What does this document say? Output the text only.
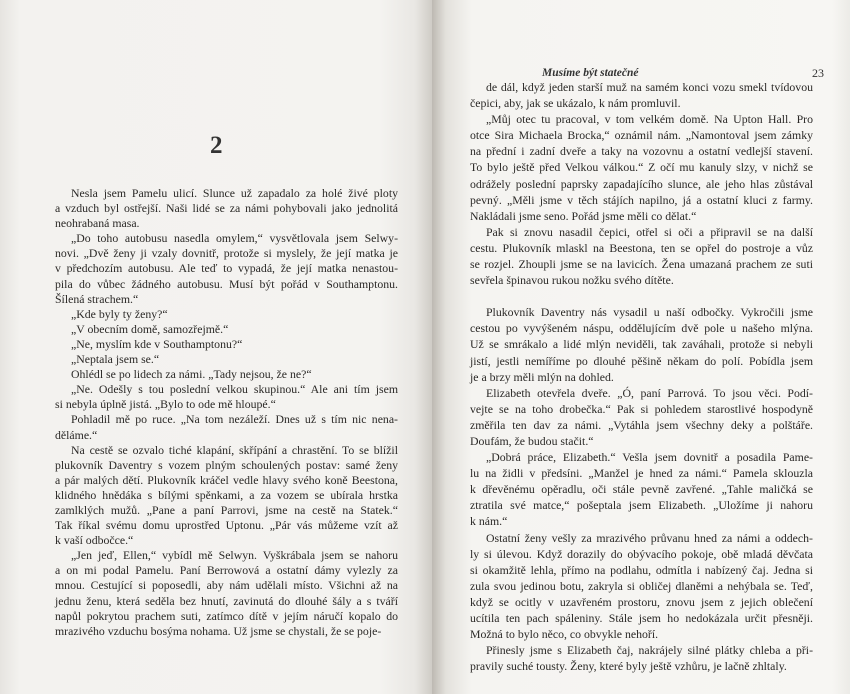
2
Nesla jsem Pamelu ulicí. Slunce už zapadalo za holé živé ploty
a vzduch byl ostřejší. Naši lidé se za námi pohybovali jako jednolitá
neohrabaná masa.
„Do toho autobusu nasedla omylem,“ vysvětlovala jsem Selwy-
novi. „Dvě ženy ji vzaly dovnitř, protože si myslely, že její matka je
v předchozím autobusu. Ale teď to vypadá, že její matka nenastou-
pila do vůbec žádného autobusu. Musí být pořád v Southamptonu.
Šílená strachem.“
„Kde byly ty ženy?“
„V obecním domě, samozřejmě.“
„Ne, myslím kde v Southamptonu?“
„Neptala jsem se.“
Ohlédl se po lidech za námi. „Tady nejsou, že ne?“
„Ne. Odešly s tou poslední velkou skupinou.“ Ale ani tím jsem
si nebyla úplně jistá. „Bylo to ode mě hloupé.“
Pohladil mě po ruce. „Na tom nezáleží. Dnes už s tím nic nena-
děláme.“
Na cestě se ozvalo tiché klapání, skřípání a chrastění. To se blížil
plukovník Daventry s vozem plným schoulených postav: samé ženy
a pár malých dětí. Plukovník kráčel vedle hlavy svého koně Beestona,
klidného hnědáka s bílými spěnkami, a za vozem se ubírala hrstka
zamlklých mužů. „Pane a paní Parrovi, jsme na cestě na Statek.“
Tak říkal svému domu uprostřed Uptonu. „Pár vás můžeme vzít až
k vaší odbočce.“
„Jen jeď, Ellen,“ vybídl mě Selwyn. Vyškrábala jsem se nahoru
a on mi podal Pamelu. Paní Berrowová a ostatní dámy vylezly za
mnou. Cestující si poposedli, aby nám udělali místo. Všichni až na
jednu ženu, která seděla bez hnutí, zavinutá do dlouhé šály a s tváří
napůl pokrytou prachem suti, zatímco dítě v jejím náručí kopalo do
mrazivého vzduchu bosýma nohama. Už jsme se chystali, že se poje-
Musíme být statečné	23
de dál, když jeden starší muž na samém konci vozu smekl tvídovou
čepici, aby, jak se ukázalo, k nám promluvil.
„Můj otec tu pracoval, v tom velkém domě. Na Upton Hall. Pro
otce Sira Michaela Brocka,“ oznámil nám. „Namontoval jsem zámky
na přední i zadní dveře a taky na vozovnu a ostatní vedlejší stavení.
To bylo ještě před Velkou válkou.“ Z očí mu kanuly slzy, v nichž se
odrážely poslední paprsky zapadajícího slunce, ale jeho hlas zůstával
pevný. „Měli jsme v těch stájích napilno, já a ostatní kluci z farmy.
Nakládali jsme seno. Pořád jsme měli co dělat.“
Pak si znovu nasadil čepici, otřel si oči a připravil se na další
cestu. Plukovník mlaskl na Beestona, ten se opřel do postroje a vůz
se rozjel. Zhoupli jsme se na lavicích. Žena umazaná prachem ze suti
sevřela špinavou rukou nožku svého dítěte.
Plukovník Daventry nás vysadil u naší odbočky. Vykročili jsme
cestou po vyvýšeném náspu, oddělujícím dvě pole u našeho mlýna.
Už se smrákalo a lidé mlýn neviděli, tak zaváhali, protože si nebyli
jistí, jestli nemíříme po dlouhé pěšině někam do polí. Pobídla jsem
je a brzy měli mlýn na dohled.
Elizabeth otevřela dveře. „Ó, paní Parrová. To jsou věci. Podí-
vejte se na toho drobečka.“ Pak si pohledem starostlivé hospodyně
změřila ten dav za námi. „Vytáhla jsem všechny deky a polštáře.
Doufám, že budou stačit.“
„Dobrá práce, Elizabeth.“ Vešla jsem dovnitř a posadila Pame-
lu na židli v předsíni. „Manžel je hned za námi.“ Pamela sklouzla
k dřevěnému opěradlu, oči stále pevně zavřené. „Tahle maličká se
ztratila své matce,“ pošeptala jsem Elizabeth. „Uložíme ji nahoru
k nám.“
Ostatní ženy vešly za mrazivého průvanu hned za námi a oddech-
ly si úlevou. Když dorazily do obývacího pokoje, obě mladá děvčata
si okamžitě lehla, přímo na podlahu, odmítla i nabízený čaj. Jedna si
zula svou jedinou botu, zakryla si obličej dlaněmi a nehýbala se. Teď,
když se ocitly v uzavřeném prostoru, znovu jsem z jejich oblečení
ucítila ten pach spáleniny. Stále jsem ho nedokázala určit přesněji.
Možná to bylo něco, co obvykle nehoří.
Přinesly jsme s Elizabeth čaj, nakrájely silné plátky chleba a při-
pravily suché tousty. Ženy, které byly ještě vzhůru, je lačně zhltaly.
